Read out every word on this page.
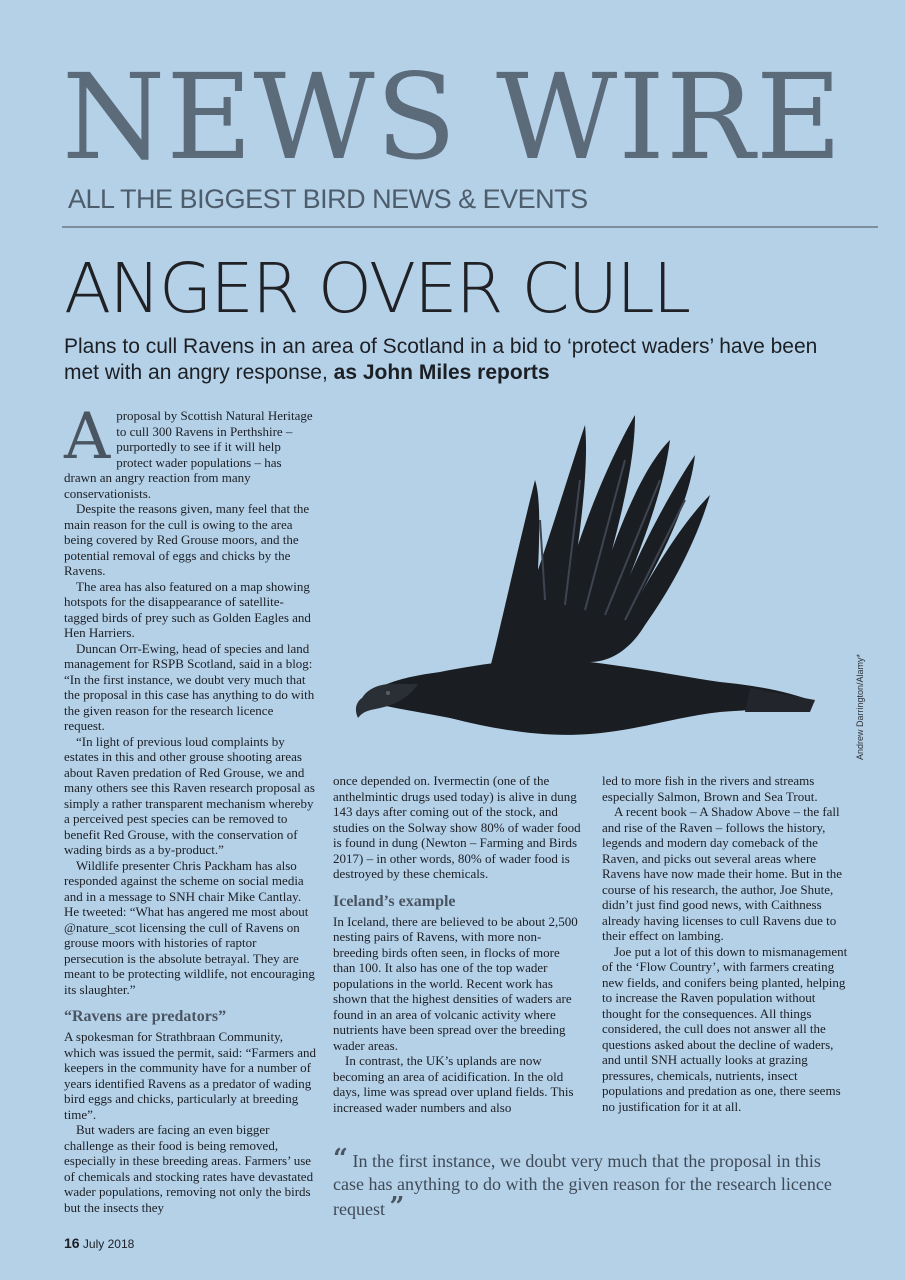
NEWS WIRE
ALL THE BIGGEST BIRD NEWS & EVENTS
ANGER OVER CULL
Plans to cull Ravens in an area of Scotland in a bid to ‘protect waders’ have been met with an angry response, as John Miles reports

Aproposal by Scottish Natural Heritage to cull 300 Ravens in Perthshire – purportedly to see if it will help protect wader populations – has drawn an angry reaction from many conservationists.

Despite the reasons given, many feel that the main reason for the cull is owing to the area being covered by Red Grouse moors, and the potential removal of eggs and chicks by the Ravens.

The area has also featured on a map showing hotspots for the disappearance of satellite-tagged birds of prey such as Golden Eagles and Hen Harriers.

Duncan Orr-Ewing, head of species and land management for RSPB Scotland, said in a blog: “In the first instance, we doubt very much that the proposal in this case has anything to do with the given reason for the research licence request.

“In light of previous loud complaints by estates in this and other grouse shooting areas about Raven predation of Red Grouse, we and many others see this Raven research proposal as simply a rather transparent mechanism whereby a perceived pest species can be removed to benefit Red Grouse, with the conservation of wading birds as a by-product.”

Wildlife presenter Chris Packham has also responded against the scheme on social media and in a message to SNH chair Mike Cantlay. He tweeted: “What has angered me most about @nature_scot licensing the cull of Ravens on grouse moors with histories of raptor persecution is the absolute betrayal. They are meant to be protecting wildlife, not encouraging its slaughter.”

“Ravens are predators”

A spokesman for Strathbraan Community, which was issued the permit, said: “Farmers and keepers in the community have for a number of years identified Ravens as a predator of wading bird eggs and chicks, particularly at breeding time”.

But waders are facing an even bigger challenge as their food is being removed, especially in these breeding areas. Farmers’ use of chemicals and stocking rates have devastated wader populations, removing not only the birds but the insects they

Andrew Darrington/Alamy*

once depended on. Ivermectin (one of the anthelmintic drugs used today) is alive in dung 143 days after coming out of the stock, and studies on the Solway show 80% of wader food is found in dung (Newton – Farming and Birds 2017) – in other words, 80% of wader food is destroyed by these chemicals.

Iceland’s example

In Iceland, there are believed to be about 2,500 nesting pairs of Ravens, with more non-breeding birds often seen, in flocks of more than 100. It also has one of the top wader populations in the world. Recent work has shown that the highest densities of waders are found in an area of volcanic activity where nutrients have been spread over the breeding wader areas.

In contrast, the UK’s uplands are now becoming an area of acidification. In the old days, lime was spread over upland fields. This increased wader numbers and also

led to more fish in the rivers and streams especially Salmon, Brown and Sea Trout.

A recent book – A Shadow Above – the fall and rise of the Raven – follows the history, legends and modern day comeback of the Raven, and picks out several areas where Ravens have now made their home. But in the course of his research, the author, Joe Shute, didn’t just find good news, with Caithness already having licenses to cull Ravens due to their effect on lambing.

Joe put a lot of this down to mismanagement of the ‘Flow Country’, with farmers creating new fields, and conifers being planted, helping to increase the Raven population without thought for the consequences. All things considered, the cull does not answer all the questions asked about the decline of waders, and until SNH actually looks at grazing pressures, chemicals, nutrients, insect populations and predation as one, there seems no justification for it at all.

“ In the first instance, we doubt very much that the proposal in this case has anything to do with the given reason for the research licence request ”
16 July 2018
